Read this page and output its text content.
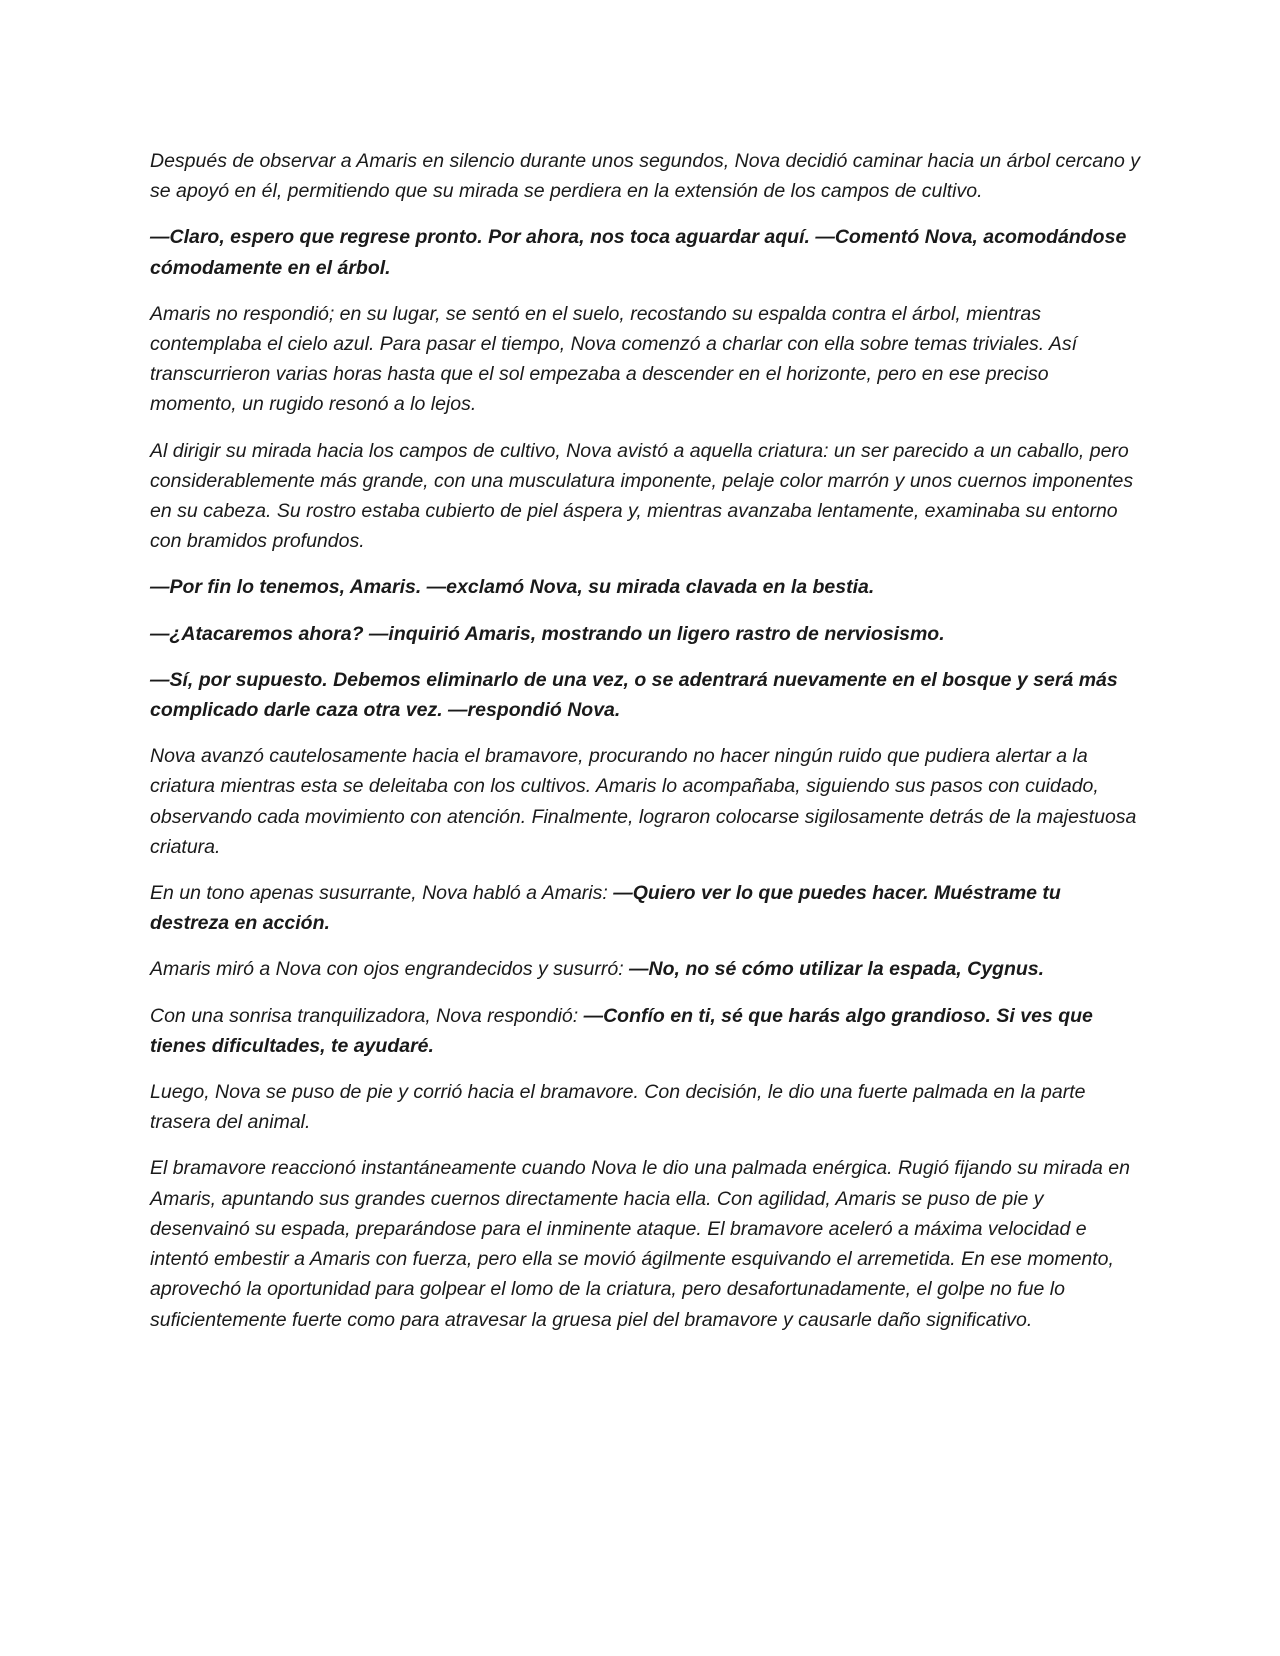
Después de observar a Amaris en silencio durante unos segundos, Nova decidió caminar hacia un árbol cercano y se apoyó en él, permitiendo que su mirada se perdiera en la extensión de los campos de cultivo.

—Claro, espero que regrese pronto. Por ahora, nos toca aguardar aquí. —Comentó Nova, acomodándose cómodamente en el árbol.

Amaris no respondió; en su lugar, se sentó en el suelo, recostando su espalda contra el árbol, mientras contemplaba el cielo azul. Para pasar el tiempo, Nova comenzó a charlar con ella sobre temas triviales. Así transcurrieron varias horas hasta que el sol empezaba a descender en el horizonte, pero en ese preciso momento, un rugido resonó a lo lejos.

Al dirigir su mirada hacia los campos de cultivo, Nova avistó a aquella criatura: un ser parecido a un caballo, pero considerablemente más grande, con una musculatura imponente, pelaje color marrón y unos cuernos imponentes en su cabeza. Su rostro estaba cubierto de piel áspera y, mientras avanzaba lentamente, examinaba su entorno con bramidos profundos.

—Por fin lo tenemos, Amaris. —exclamó Nova, su mirada clavada en la bestia.

—¿Atacaremos ahora? —inquirió Amaris, mostrando un ligero rastro de nerviosismo.

—Sí, por supuesto. Debemos eliminarlo de una vez, o se adentrará nuevamente en el bosque y será más complicado darle caza otra vez. —respondió Nova.

Nova avanzó cautelosamente hacia el bramavore, procurando no hacer ningún ruido que pudiera alertar a la criatura mientras esta se deleitaba con los cultivos. Amaris lo acompañaba, siguiendo sus pasos con cuidado, observando cada movimiento con atención. Finalmente, lograron colocarse sigilosamente detrás de la majestuosa criatura.

En un tono apenas susurrante, Nova habló a Amaris: —Quiero ver lo que puedes hacer. Muéstrame tu destreza en acción.

Amaris miró a Nova con ojos engrandecidos y susurró: —No, no sé cómo utilizar la espada, Cygnus.

Con una sonrisa tranquilizadora, Nova respondió: —Confío en ti, sé que harás algo grandioso. Si ves que tienes dificultades, te ayudaré.

Luego, Nova se puso de pie y corrió hacia el bramavore. Con decisión, le dio una fuerte palmada en la parte trasera del animal.

El bramavore reaccionó instantáneamente cuando Nova le dio una palmada enérgica. Rugió fijando su mirada en Amaris, apuntando sus grandes cuernos directamente hacia ella. Con agilidad, Amaris se puso de pie y desenvainó su espada, preparándose para el inminente ataque. El bramavore aceleró a máxima velocidad e intentó embestir a Amaris con fuerza, pero ella se movió ágilmente esquivando el arremetida. En ese momento, aprovechó la oportunidad para golpear el lomo de la criatura, pero desafortunadamente, el golpe no fue lo suficientemente fuerte como para atravesar la gruesa piel del bramavore y causarle daño significativo.
